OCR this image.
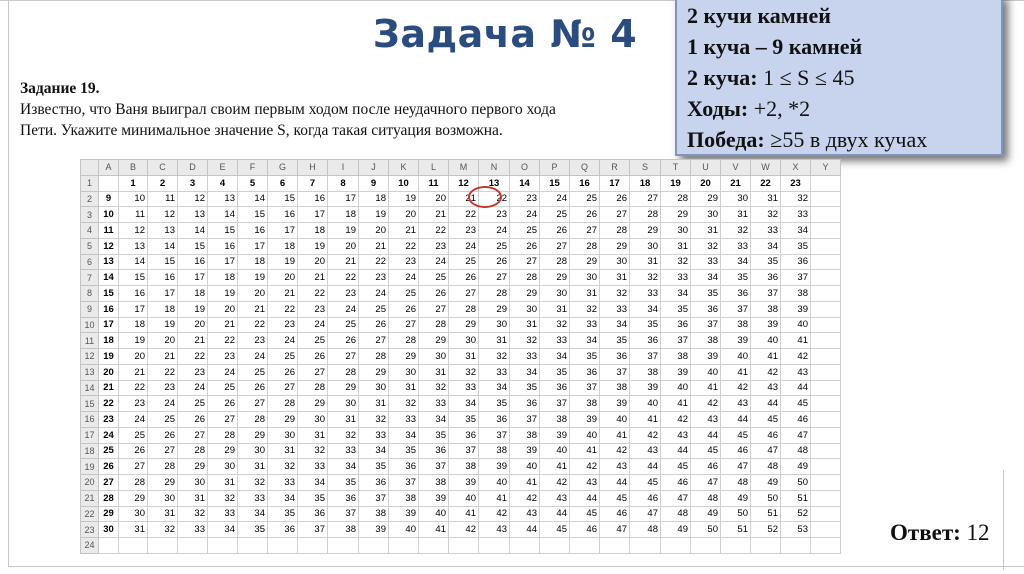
Задача № 4
Задание 19.
Известно, что Ваня выиграл своим первым ходом после неудачного первого хода
Пети. Укажите минимальное значение S, когда такая ситуация возможна.
2 кучи камней
1 куча – 9 камней
2 куча: 1 ≤ S ≤ 45
Ходы: +2, *2
Победа: ≥55 в двух кучах
	A	B	C	D	E	F	G	H	I	J	K	L	M	N	O	P	Q	R	S	T	U	V	W	X	Y
1		1	2	3	4	5	6	7	8	9	10	11	12	13	14	15	16	17	18	19	20	21	22	23	
2	9	10	11	12	13	14	15	16	17	18	19	20	21	22	23	24	25	26	27	28	29	30	31	32	
3	10	11	12	13	14	15	16	17	18	19	20	21	22	23	24	25	26	27	28	29	30	31	32	33	
4	11	12	13	14	15	16	17	18	19	20	21	22	23	24	25	26	27	28	29	30	31	32	33	34	
5	12	13	14	15	16	17	18	19	20	21	22	23	24	25	26	27	28	29	30	31	32	33	34	35	
6	13	14	15	16	17	18	19	20	21	22	23	24	25	26	27	28	29	30	31	32	33	34	35	36	
7	14	15	16	17	18	19	20	21	22	23	24	25	26	27	28	29	30	31	32	33	34	35	36	37	
8	15	16	17	18	19	20	21	22	23	24	25	26	27	28	29	30	31	32	33	34	35	36	37	38	
9	16	17	18	19	20	21	22	23	24	25	26	27	28	29	30	31	32	33	34	35	36	37	38	39	
10	17	18	19	20	21	22	23	24	25	26	27	28	29	30	31	32	33	34	35	36	37	38	39	40	
11	18	19	20	21	22	23	24	25	26	27	28	29	30	31	32	33	34	35	36	37	38	39	40	41	
12	19	20	21	22	23	24	25	26	27	28	29	30	31	32	33	34	35	36	37	38	39	40	41	42	
13	20	21	22	23	24	25	26	27	28	29	30	31	32	33	34	35	36	37	38	39	40	41	42	43	
14	21	22	23	24	25	26	27	28	29	30	31	32	33	34	35	36	37	38	39	40	41	42	43	44	
15	22	23	24	25	26	27	28	29	30	31	32	33	34	35	36	37	38	39	40	41	42	43	44	45	
16	23	24	25	26	27	28	29	30	31	32	33	34	35	36	37	38	39	40	41	42	43	44	45	46	
17	24	25	26	27	28	29	30	31	32	33	34	35	36	37	38	39	40	41	42	43	44	45	46	47	
18	25	26	27	28	29	30	31	32	33	34	35	36	37	38	39	40	41	42	43	44	45	46	47	48	
19	26	27	28	29	30	31	32	33	34	35	36	37	38	39	40	41	42	43	44	45	46	47	48	49	
20	27	28	29	30	31	32	33	34	35	36	37	38	39	40	41	42	43	44	45	46	47	48	49	50	
21	28	29	30	31	32	33	34	35	36	37	38	39	40	41	42	43	44	45	46	47	48	49	50	51	
22	29	30	31	32	33	34	35	36	37	38	39	40	41	42	43	44	45	46	47	48	49	50	51	52	
23	30	31	32	33	34	35	36	37	38	39	40	41	42	43	44	45	46	47	48	49	50	51	52	53	
24																									
Ответ: 12
